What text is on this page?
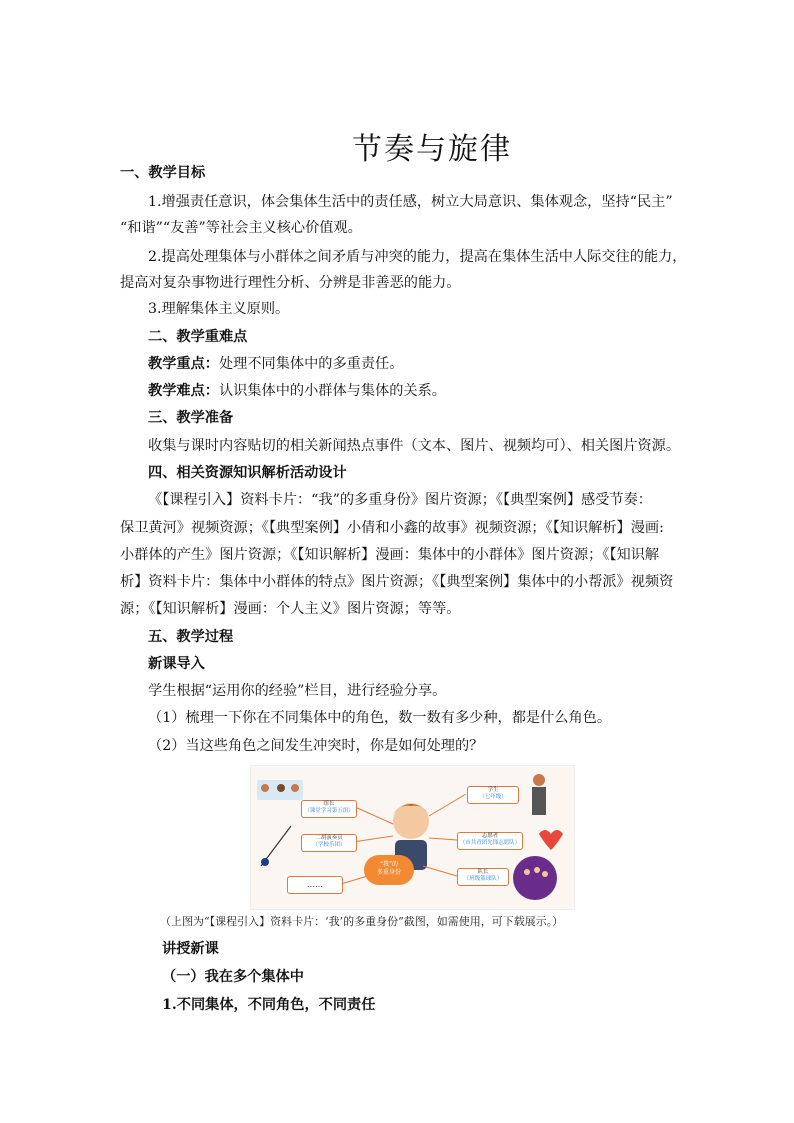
节奏与旋律
一、教学目标
1.增强责任意识，体会集体生活中的责任感，树立大局意识、集体观念，坚持“民主”
“和谐”“友善”等社会主义核心价值观。
2.提高处理集体与小群体之间矛盾与冲突的能力，提高在集体生活中人际交往的能力，
提高对复杂事物进行理性分析、分辨是非善恶的能力。
3.理解集体主义原则。
二、教学重难点
教学重点：处理不同集体中的多重责任。
教学难点：认识集体中的小群体与集体的关系。
三、教学准备
收集与课时内容贴切的相关新闻热点事件（文本、图片、视频均可）、相关图片资源。
四、相关资源知识解析活动设计
《【课程引入】资料卡片：“我”的多重身份》图片资源；《【典型案例】感受节奏：
保卫黄河》视频资源；《【典型案例】小倩和小鑫的故事》视频资源；《【知识解析】漫画:
小群体的产生》图片资源；《【知识解析】漫画：集体中的小群体》图片资源；《【知识解
析】资料卡片：集体中小群体的特点》图片资源；《【典型案例】集体中的小帮派》视频资
源；《【知识解析】漫画：个人主义》图片资源；等等。
五、教学过程
新课导入
学生根据“运用你的经验”栏目，进行经验分享。
（1）梳理一下你在不同集体中的角色，数一数有多少种，都是什么角色。
（2）当这些角色之间发生冲突时，你是如何处理的？
组长
（课堂学习第五组）
二胡演奏员
（学校乐团）
……
学生
（七年级）
志愿者
（市共青团先锋志愿队）
队长
（班级篮球队）
“我”的
多重身份
（上图为“【课程引入】资料卡片：‘我’的多重身份”截图，如需使用，可下载展示。）
讲授新课
（一）我在多个集体中
1.不同集体，不同角色，不同责任
